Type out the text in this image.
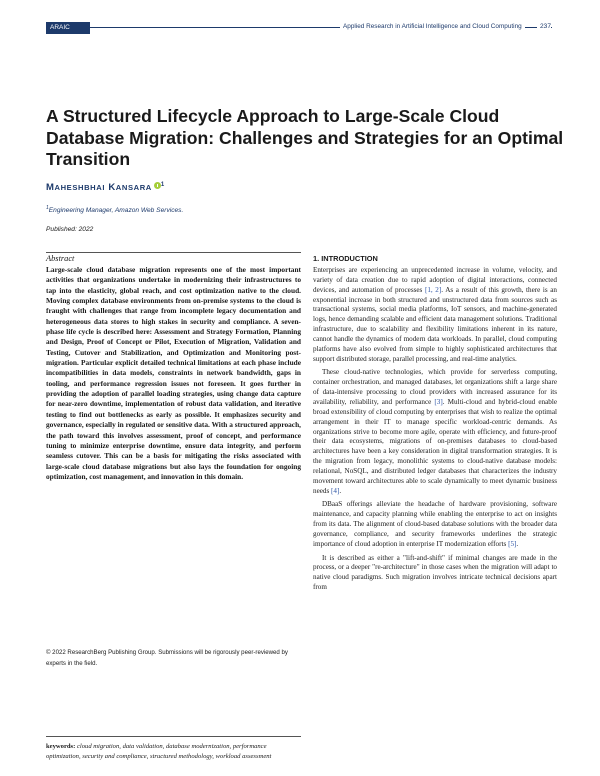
ARAIC	Applied Research in Artificial Intelligence and Cloud Computing	237
A Structured Lifecycle Approach to Large-Scale Cloud Database Migration: Challenges and Strategies for an Optimal Transition
MAHESHBHAI KANSARA $^1$
$^1$Engineering Manager, Amazon Web Services.
Published: 2022
Abstract

Large-scale cloud database migration represents one of the most important activities that organizations undertake in modernizing their infrastructures to tap into the elasticity, global reach, and cost optimization native to the cloud. Moving complex database environments from on-premise systems to the cloud is fraught with challenges that range from incomplete legacy documentation and heterogeneous data stores to high stakes in security and compliance. A seven-phase life cycle is described here: Assessment and Strategy Formation, Planning and Design, Proof of Concept or Pilot, Execution of Migration, Validation and Testing, Cutover and Stabilization, and Optimization and Monitoring post-migration. Particular explicit detailed technical limitations at each phase include incompatibilities in data models, constraints in network bandwidth, gaps in tooling, and performance regression issues not foreseen. It goes further in providing the adoption of parallel loading strategies, using change data capture for near-zero downtime, implementation of robust data validation, and iterative testing to find out bottlenecks as early as possible. It emphasizes security and governance, especially in regulated or sensitive data. With a structured approach, the path toward this involves assessment, proof of concept, and performance tuning to minimize enterprise downtime, ensure data integrity, and perform seamless cutover. This can be a basis for mitigating the risks associated with large-scale cloud database migrations but also lays the foundation for ongoing optimization, cost management, and innovation in this domain.

© 2022 ResearchBerg Publishing Group. Submissions will be rigorously peer-reviewed by experts in the field.

keywords: cloud migration, data validation, database modernization, performance optimization, security and compliance, structured methodology, workload assessment

1. INTRODUCTION

Enterprises are experiencing an unprecedented increase in volume, velocity, and variety of data creation due to rapid adoption of digital interactions, connected devices, and automation of processes [1, 2]. As a result of this growth, there is an exponential increase in both structured and unstructured data from sources such as transactional systems, social media platforms, IoT sensors, and machine-generated logs, hence demanding scalable and efficient data management solutions. Traditional infrastructure, due to scalability and flexibility limitations inherent in its nature, cannot handle the dynamics of modern data workloads. In parallel, cloud computing platforms have also evolved from simple to highly sophisticated architectures that support distributed storage, parallel processing, and real-time analytics.

These cloud-native technologies, which provide for serverless computing, container orchestration, and managed databases, let organizations shift a large share of data-intensive processing to cloud providers with increased assurance for its availability, reliability, and performance [3]. Multi-cloud and hybrid-cloud enable broad extensibility of cloud computing by enterprises that wish to realize the optimal arrangement in their IT to manage specific workload-centric demands. As organizations strive to become more agile, operate with efficiency, and future-proof their data ecosystems, migrations of on-premises databases to cloud-based architectures have been a key consideration in digital transformation strategies. It is the migration from legacy, monolithic systems to cloud-native database models: relational, NoSQL, and distributed ledger databases that characterizes the industry movement toward architectures able to scale dynamically to meet dynamic business needs [4].

DBaaS offerings alleviate the headache of hardware provisioning, software maintenance, and capacity planning while enabling the enterprise to act on insights from its data. The alignment of cloud-based database solutions with the broader data governance, compliance, and security frameworks underlines the strategic importance of cloud adoption in enterprise IT modernization efforts [5].

It is described as either a "lift-and-shift" if minimal changes are made in the process, or a deeper "re-architecture" in those cases when the migration will adapt to native cloud paradigms. Such migration involves intricate technical decisions apart from
